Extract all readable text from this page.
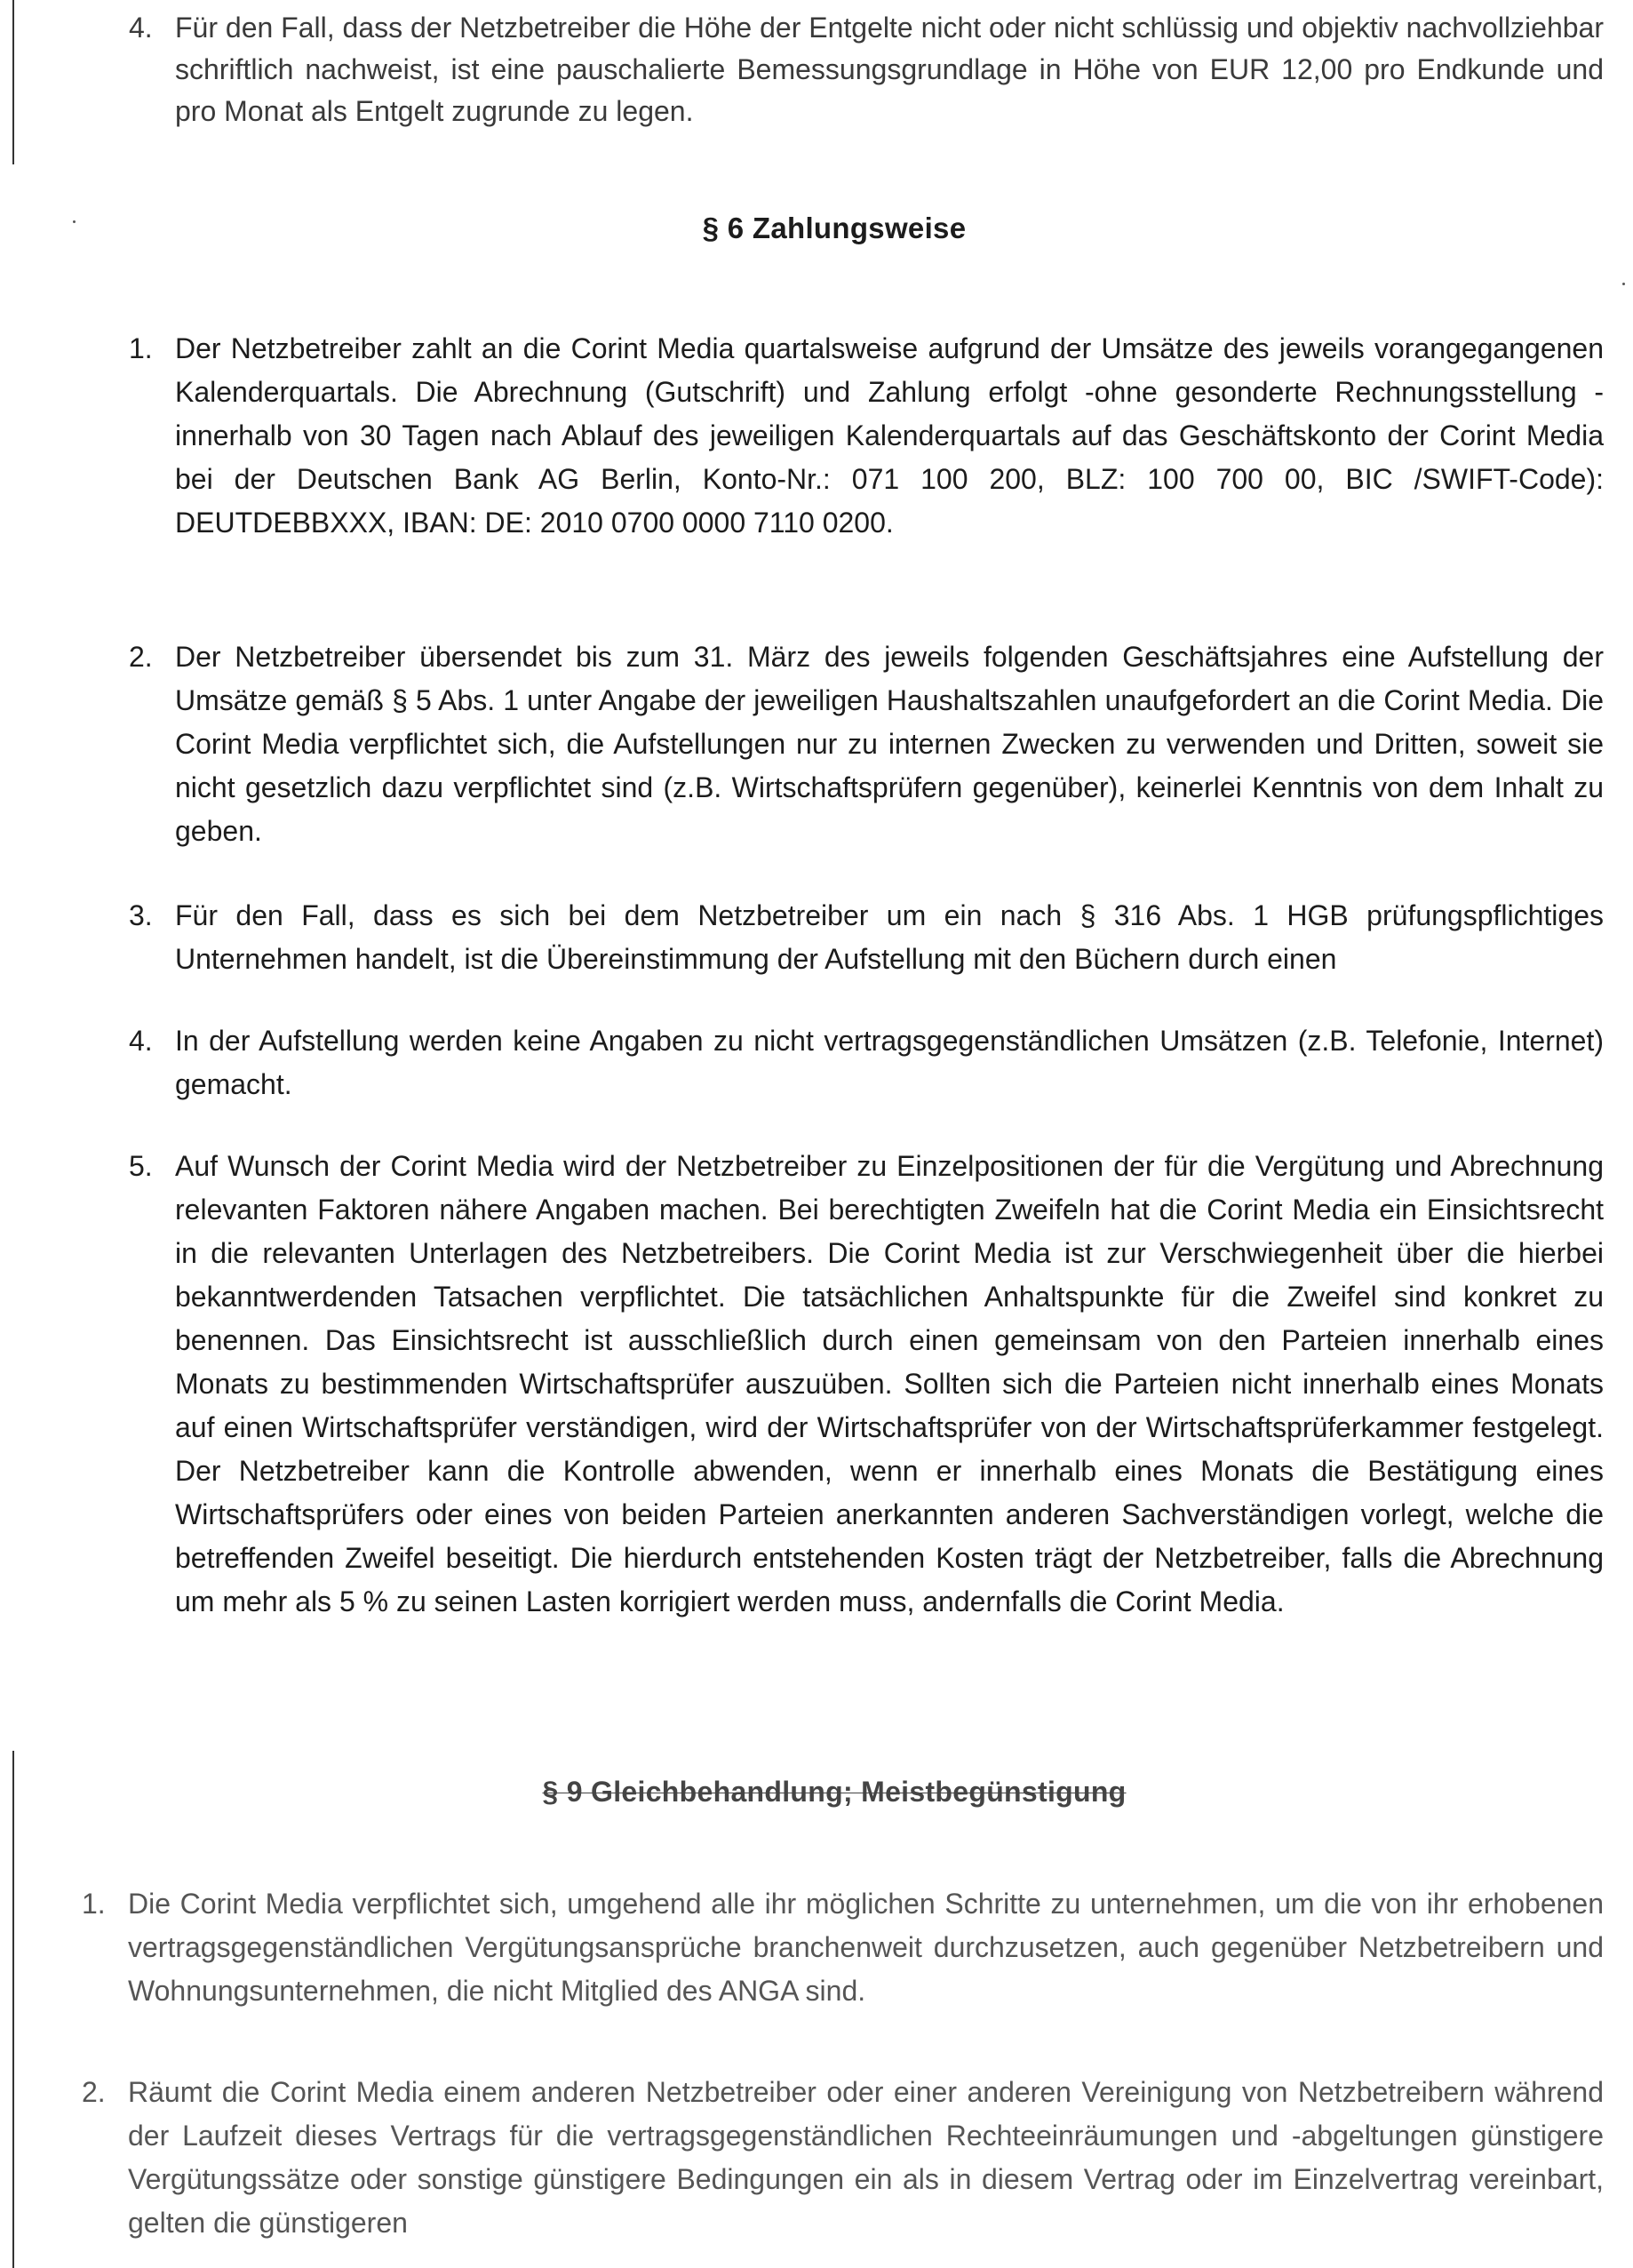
4. Für den Fall, dass der Netzbetreiber die Höhe der Entgelte nicht oder nicht schlüssig und objektiv nachvollziehbar schriftlich nachweist, ist eine pauschalierte Bemessungsgrundlage in Höhe von EUR 12,00 pro Endkunde und pro Monat als Entgelt zugrunde zu legen.
§ 6 Zahlungsweise
1. Der Netzbetreiber zahlt an die Corint Media quartalsweise aufgrund der Umsätze des jeweils vorangegangenen Kalenderquartals. Die Abrechnung (Gutschrift) und Zahlung erfolgt -ohne gesonderte Rechnungsstellung - innerhalb von 30 Tagen nach Ablauf des jeweiligen Kalenderquartals auf das Geschäftskonto der Corint Media bei der Deutschen Bank AG Berlin, Konto-Nr.: 071 100 200, BLZ: 100 700 00, BIC /SWIFT-Code): DEUTDEBBXXX, IBAN: DE: 2010 0700 0000 7110 0200.
2. Der Netzbetreiber übersendet bis zum 31. März des jeweils folgenden Geschäftsjahres eine Aufstellung der Umsätze gemäß § 5 Abs. 1 unter Angabe der jeweiligen Haushaltszahlen unaufgefordert an die Corint Media. Die Corint Media verpflichtet sich, die Aufstellungen nur zu internen Zwecken zu verwenden und Dritten, soweit sie nicht gesetzlich dazu verpflichtet sind (z.B. Wirtschaftsprüfern gegenüber), keinerlei Kenntnis von dem Inhalt zu geben.
3. Für den Fall, dass es sich bei dem Netzbetreiber um ein nach § 316 Abs. 1 HGB prüfungspflichtiges Unternehmen handelt, ist die Übereinstimmung der Aufstellung mit den Büchern durch einen
4. In der Aufstellung werden keine Angaben zu nicht vertragsgegenständlichen Umsätzen (z.B. Telefonie, Internet) gemacht.
5. Auf Wunsch der Corint Media wird der Netzbetreiber zu Einzelpositionen der für die Vergütung und Abrechnung relevanten Faktoren nähere Angaben machen. Bei berechtigten Zweifeln hat die Corint Media ein Einsichtsrecht in die relevanten Unterlagen des Netzbetreibers. Die Corint Media ist zur Verschwiegenheit über die hierbei bekanntwerdenden Tatsachen verpflichtet. Die tatsächlichen Anhaltspunkte für die Zweifel sind konkret zu benennen. Das Einsichtsrecht ist ausschließlich durch einen gemeinsam von den Parteien innerhalb eines Monats zu bestimmenden Wirtschaftsprüfer auszuüben. Sollten sich die Parteien nicht innerhalb eines Monats auf einen Wirtschaftsprüfer verständigen, wird der Wirtschaftsprüfer von der Wirtschaftsprüferkammer festgelegt. Der Netzbetreiber kann die Kontrolle abwenden, wenn er innerhalb eines Monats die Bestätigung eines Wirtschaftsprüfers oder eines von beiden Parteien anerkannten anderen Sachverständigen vorlegt, welche die betreffenden Zweifel beseitigt. Die hierdurch entstehenden Kosten trägt der Netzbetreiber, falls die Abrechnung um mehr als 5 % zu seinen Lasten korrigiert werden muss, andernfalls die Corint Media.
§ 9 Gleichbehandlung; Meistbegünstigung
1. Die Corint Media verpflichtet sich, umgehend alle ihr möglichen Schritte zu unternehmen, um die von ihr erhobenen vertragsgegenständlichen Vergütungsansprüche branchenweit durchzusetzen, auch gegenüber Netzbetreibern und Wohnungsunternehmen, die nicht Mitglied des ANGA sind.
2. Räumt die Corint Media einem anderen Netzbetreiber oder einer anderen Vereinigung von Netzbetreibern während der Laufzeit dieses Vertrags für die vertragsgegenständlichen Rechteeinräumungen und -abgeltungen günstigere Vergütungssätze oder sonstige günstigere Bedingungen ein als in diesem Vertrag oder im Einzelvertrag vereinbart, gelten die günstigeren
